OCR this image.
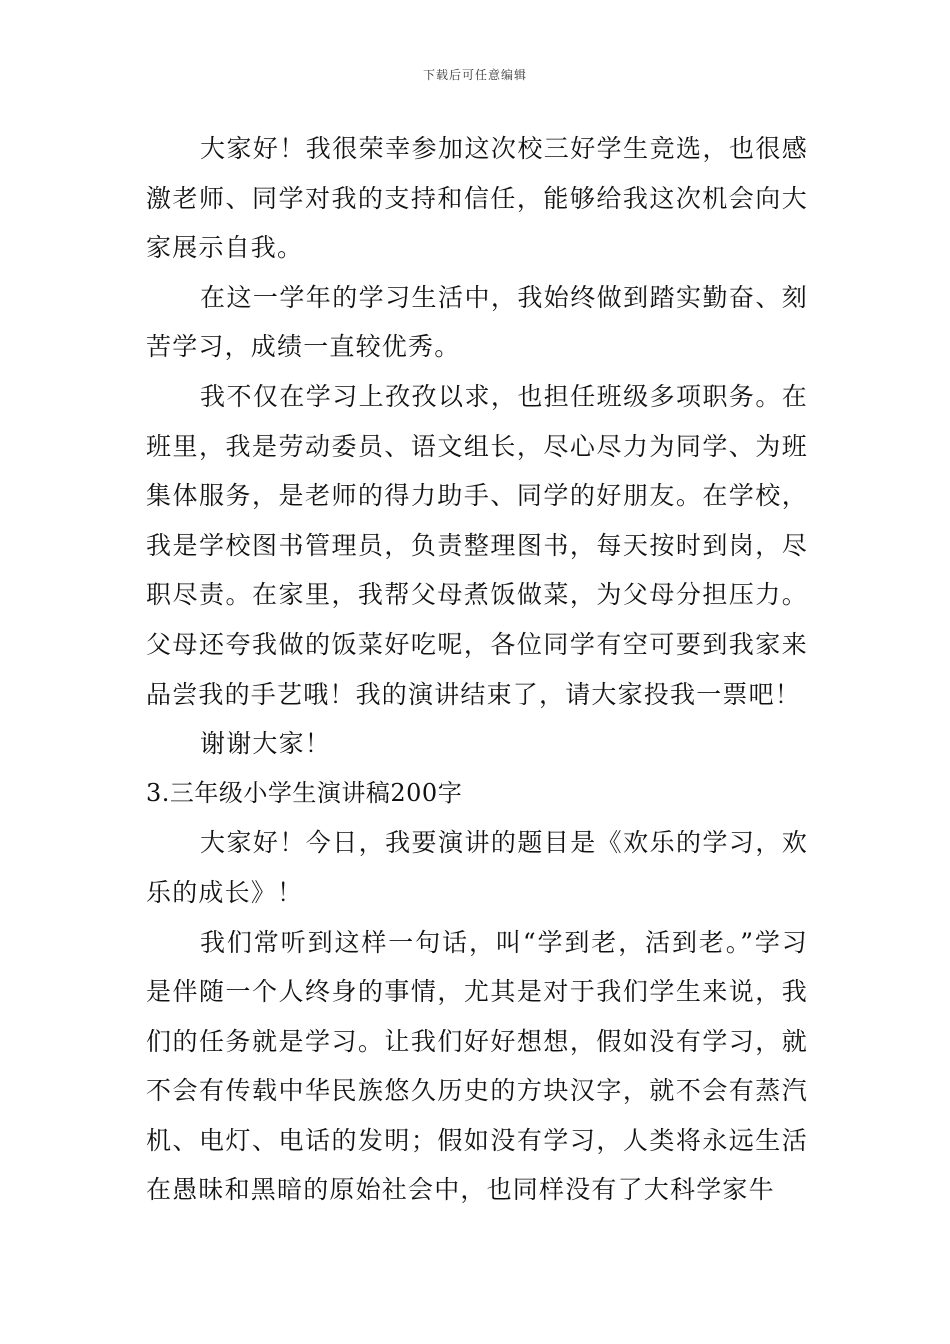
下载后可任意编辑

大家好！我很荣幸参加这次校三好学生竞选，也很感激老师、同学对我的支持和信任，能够给我这次机会向大家展示自我。

在这一学年的学习生活中，我始终做到踏实勤奋、刻苦学习，成绩一直较优秀。

我不仅在学习上孜孜以求，也担任班级多项职务。在班里，我是劳动委员、语文组长，尽心尽力为同学、为班集体服务，是老师的得力助手、同学的好朋友。在学校，我是学校图书管理员，负责整理图书，每天按时到岗，尽职尽责。在家里，我帮父母煮饭做菜，为父母分担压力。父母还夸我做的饭菜好吃呢，各位同学有空可要到我家来品尝我的手艺哦！我的演讲结束了，请大家投我一票吧！

谢谢大家！

3.三年级小学生演讲稿200字

大家好！今日，我要演讲的题目是《欢乐的学习，欢乐的成长》！

我们常听到这样一句话，叫“学到老，活到老。”学习是伴随一个人终身的事情，尤其是对于我们学生来说，我们的任务就是学习。让我们好好想想，假如没有学习，就不会有传载中华民族悠久历史的方块汉字，就不会有蒸汽机、电灯、电话的发明；假如没有学习，人类将永远生活在愚昧和黑暗的原始社会中，也同样没有了大科学家牛
